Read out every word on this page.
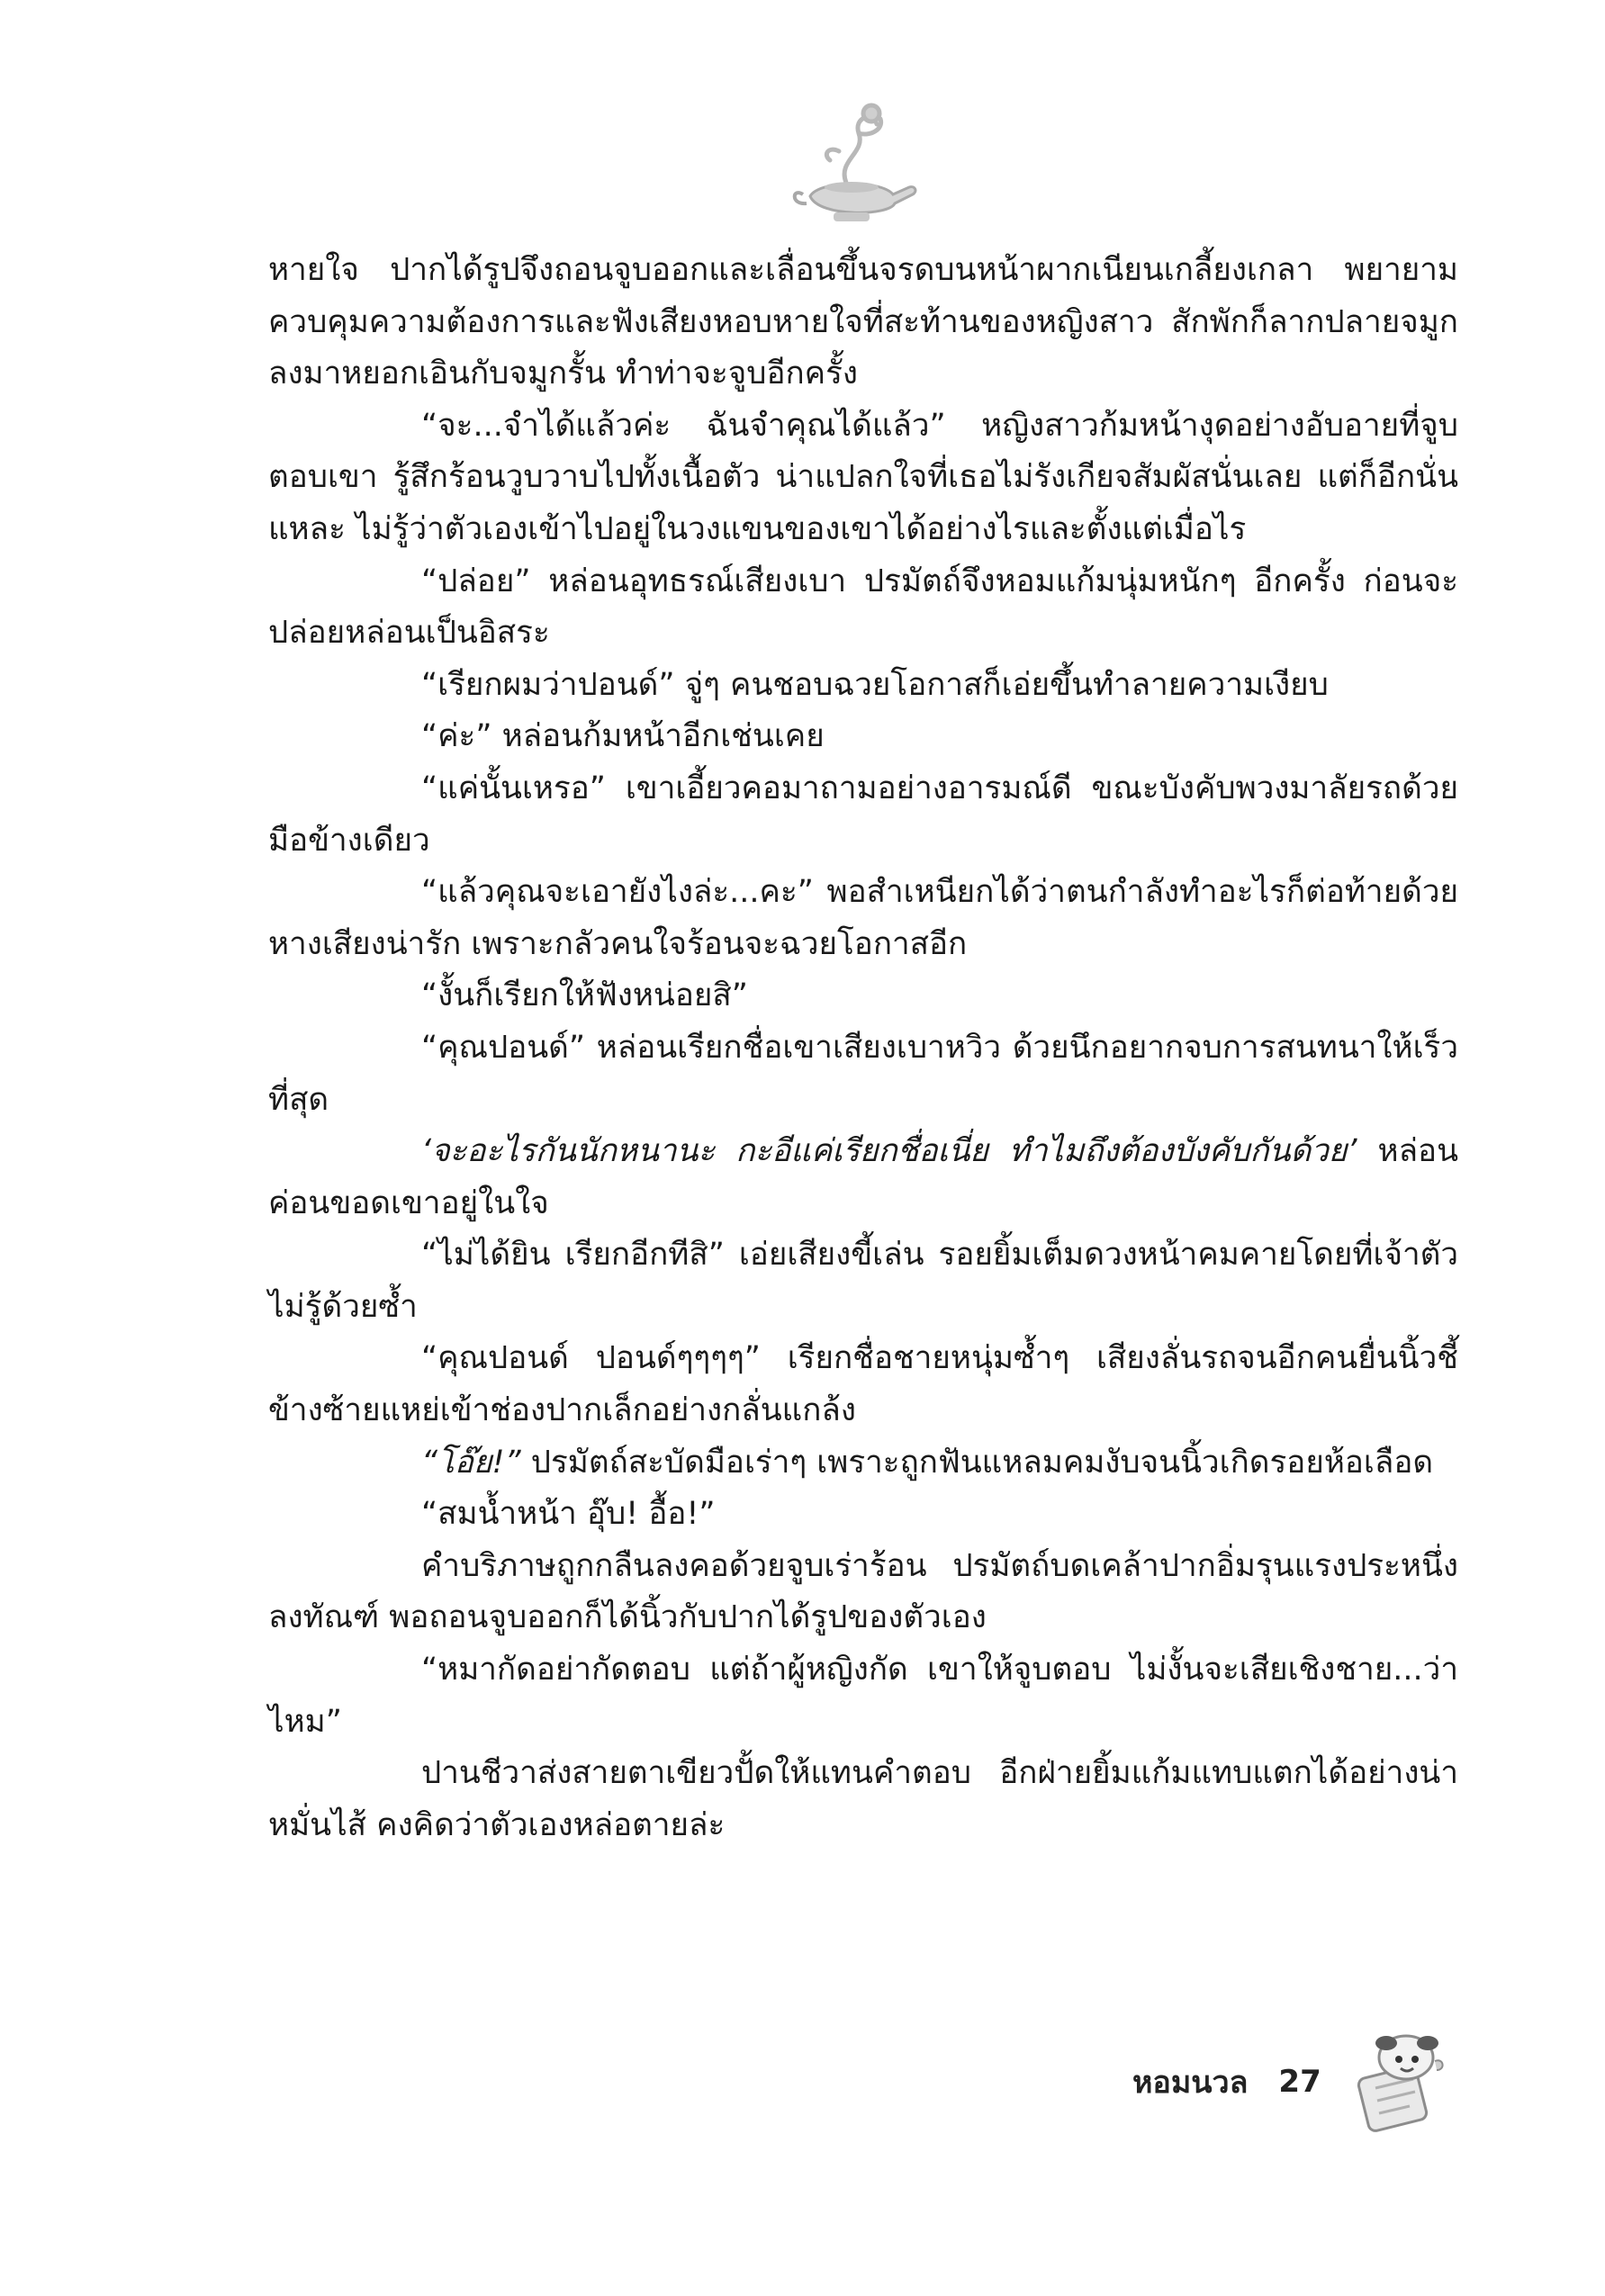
หายใจ ปากได้รูปจึงถอนจูบออกและเลื่อนขึ้นจรดบนหน้าผากเนียนเกลี้ยงเกลา พยายามควบคุมความต้องการและฟังเสียงหอบหายใจที่สะท้านของหญิงสาว สักพักก็ลากปลายจมูกลงมาหยอกเอินกับจมูกรั้น ทำท่าจะจูบอีกครั้ง

“จะ...จำได้แล้วค่ะ ฉันจำคุณได้แล้ว” หญิงสาวก้มหน้างุดอย่างอับอายที่จูบตอบเขา รู้สึกร้อนวูบวาบไปทั้งเนื้อตัว น่าแปลกใจที่เธอไม่รังเกียจสัมผัสนั่นเลย แต่ก็อีกนั่นแหละ ไม่รู้ว่าตัวเองเข้าไปอยู่ในวงแขนของเขาได้อย่างไรและตั้งแต่เมื่อไร

“ปล่อย” หล่อนอุทธรณ์เสียงเบา ปรมัตถ์จึงหอมแก้มนุ่มหนักๆ อีกครั้ง ก่อนจะปล่อยหล่อนเป็นอิสระ

“เรียกผมว่าปอนด์” จู่ๆ คนชอบฉวยโอกาสก็เอ่ยขึ้นทำลายความเงียบ

“ค่ะ” หล่อนก้มหน้าอีกเช่นเคย

“แค่นั้นเหรอ” เขาเอี้ยวคอมาถามอย่างอารมณ์ดี ขณะบังคับพวงมาลัยรถด้วยมือข้างเดียว

“แล้วคุณจะเอายังไงล่ะ...คะ” พอสำเหนียกได้ว่าตนกำลังทำอะไรก็ต่อท้ายด้วยหางเสียงน่ารัก เพราะกลัวคนใจร้อนจะฉวยโอกาสอีก

“งั้นก็เรียกให้ฟังหน่อยสิ”

“คุณปอนด์” หล่อนเรียกชื่อเขาเสียงเบาหวิว ด้วยนึกอยากจบการสนทนาให้เร็วที่สุด

‘จะอะไรกันนักหนานะ กะอีแค่เรียกชื่อเนี่ย ทำไมถึงต้องบังคับกันด้วย’ หล่อนค่อนขอดเขาอยู่ในใจ

“ไม่ได้ยิน เรียกอีกทีสิ” เอ่ยเสียงขี้เล่น รอยยิ้มเต็มดวงหน้าคมคายโดยที่เจ้าตัวไม่รู้ด้วยซ้ำ

“คุณปอนด์ ปอนด์ๆๆๆๆ” เรียกชื่อชายหนุ่มซ้ำๆ เสียงลั่นรถจนอีกคนยื่นนิ้วชี้ข้างซ้ายแหย่เข้าช่องปากเล็กอย่างกลั่นแกล้ง

“โอ๊ย!” ปรมัตถ์สะบัดมือเร่าๆ เพราะถูกฟันแหลมคมงับจนนิ้วเกิดรอยห้อเลือด

“สมน้ำหน้า อุ๊บ! อื้อ!”

คำบริภาษถูกกลืนลงคอด้วยจูบเร่าร้อน ปรมัตถ์บดเคล้าปากอิ่มรุนแรงประหนึ่งลงทัณฑ์ พอถอนจูบออกก็ได้นิ้วกับปากได้รูปของตัวเอง

“หมากัดอย่ากัดตอบ แต่ถ้าผู้หญิงกัด เขาให้จูบตอบ ไม่งั้นจะเสียเชิงชาย...ว่าไหม”

ปานชีวาส่งสายตาเขียวปั้ดให้แทนคำตอบ อีกฝ่ายยิ้มแก้มแทบแตกได้อย่างน่าหมั่นไส้ คงคิดว่าตัวเองหล่อตายล่ะ

หอมนวล 27
